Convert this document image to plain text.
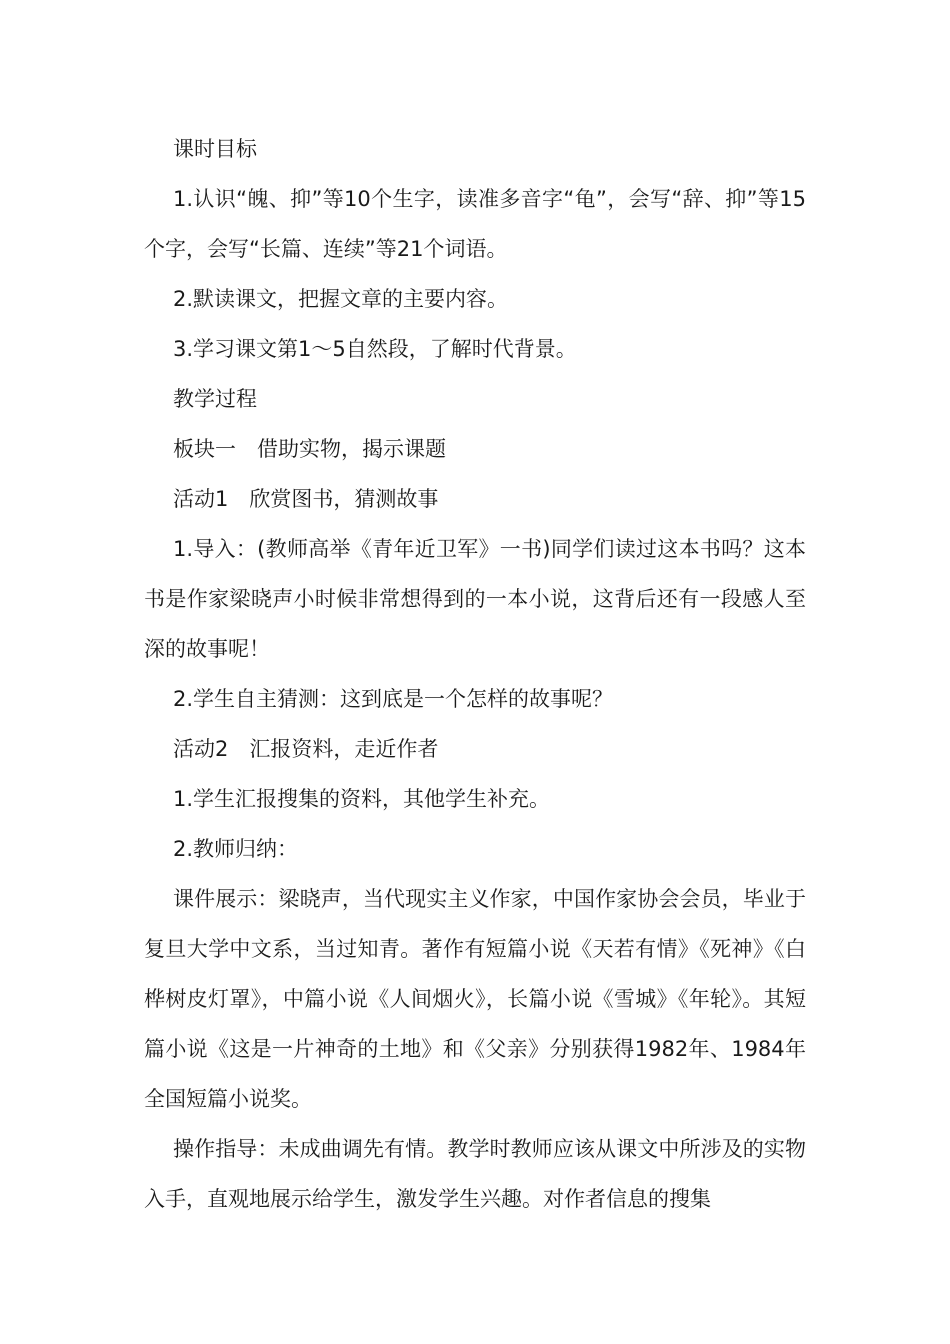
课时目标

1.认识“魄、抑”等10个生字，读准多音字“龟”，会写“辞、抑”等15个字，会写“长篇、连续”等21个词语。

2.默读课文，把握文章的主要内容。

3.学习课文第1～5自然段，了解时代背景。

教学过程

板块一　借助实物，揭示课题

活动1　欣赏图书，猜测故事

1.导入：(教师高举《青年近卫军》一书)同学们读过这本书吗？这本书是作家梁晓声小时候非常想得到的一本小说，这背后还有一段感人至深的故事呢！

2.学生自主猜测：这到底是一个怎样的故事呢？

活动2　汇报资料，走近作者

1.学生汇报搜集的资料，其他学生补充。

2.教师归纳：

课件展示：梁晓声，当代现实主义作家，中国作家协会会员，毕业于复旦大学中文系，当过知青。著作有短篇小说《天若有情》《死神》《白桦树皮灯罩》，中篇小说《人间烟火》，长篇小说《雪城》《年轮》。其短篇小说《这是一片神奇的土地》和《父亲》分别获得1982年、1984年全国短篇小说奖。

操作指导：未成曲调先有情。教学时教师应该从课文中所涉及的实物入手，直观地展示给学生，激发学生兴趣。对作者信息的搜集
